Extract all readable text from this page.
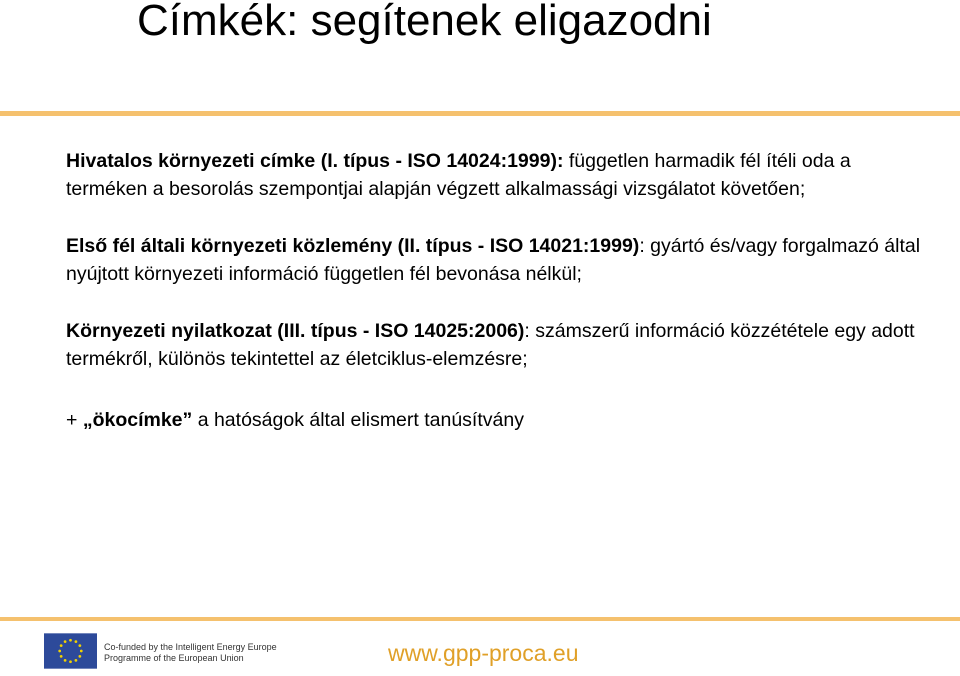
Címkék: segítenek eligazodni

Hivatalos környezeti címke (I. típus - ISO 14024:1999): független harmadik fél ítéli oda a terméken a besorolás szempontjai alapján végzett alkalmassági vizsgálatot követően;

Első fél általi környezeti közlemény (II. típus - ISO 14021:1999): gyártó és/vagy forgalmazó által nyújtott környezeti információ független fél bevonása nélkül;

Környezeti nyilatkozat (III. típus - ISO 14025:2006): számszerű információ közzététele egy adott termékről, különös tekintettel az életciklus-elemzésre;

+ „ökocímke” a hatóságok által elismert tanúsítvány

Co-funded by the Intelligent Energy Europe
Programme of the European Union	www.gpp-proca.eu
